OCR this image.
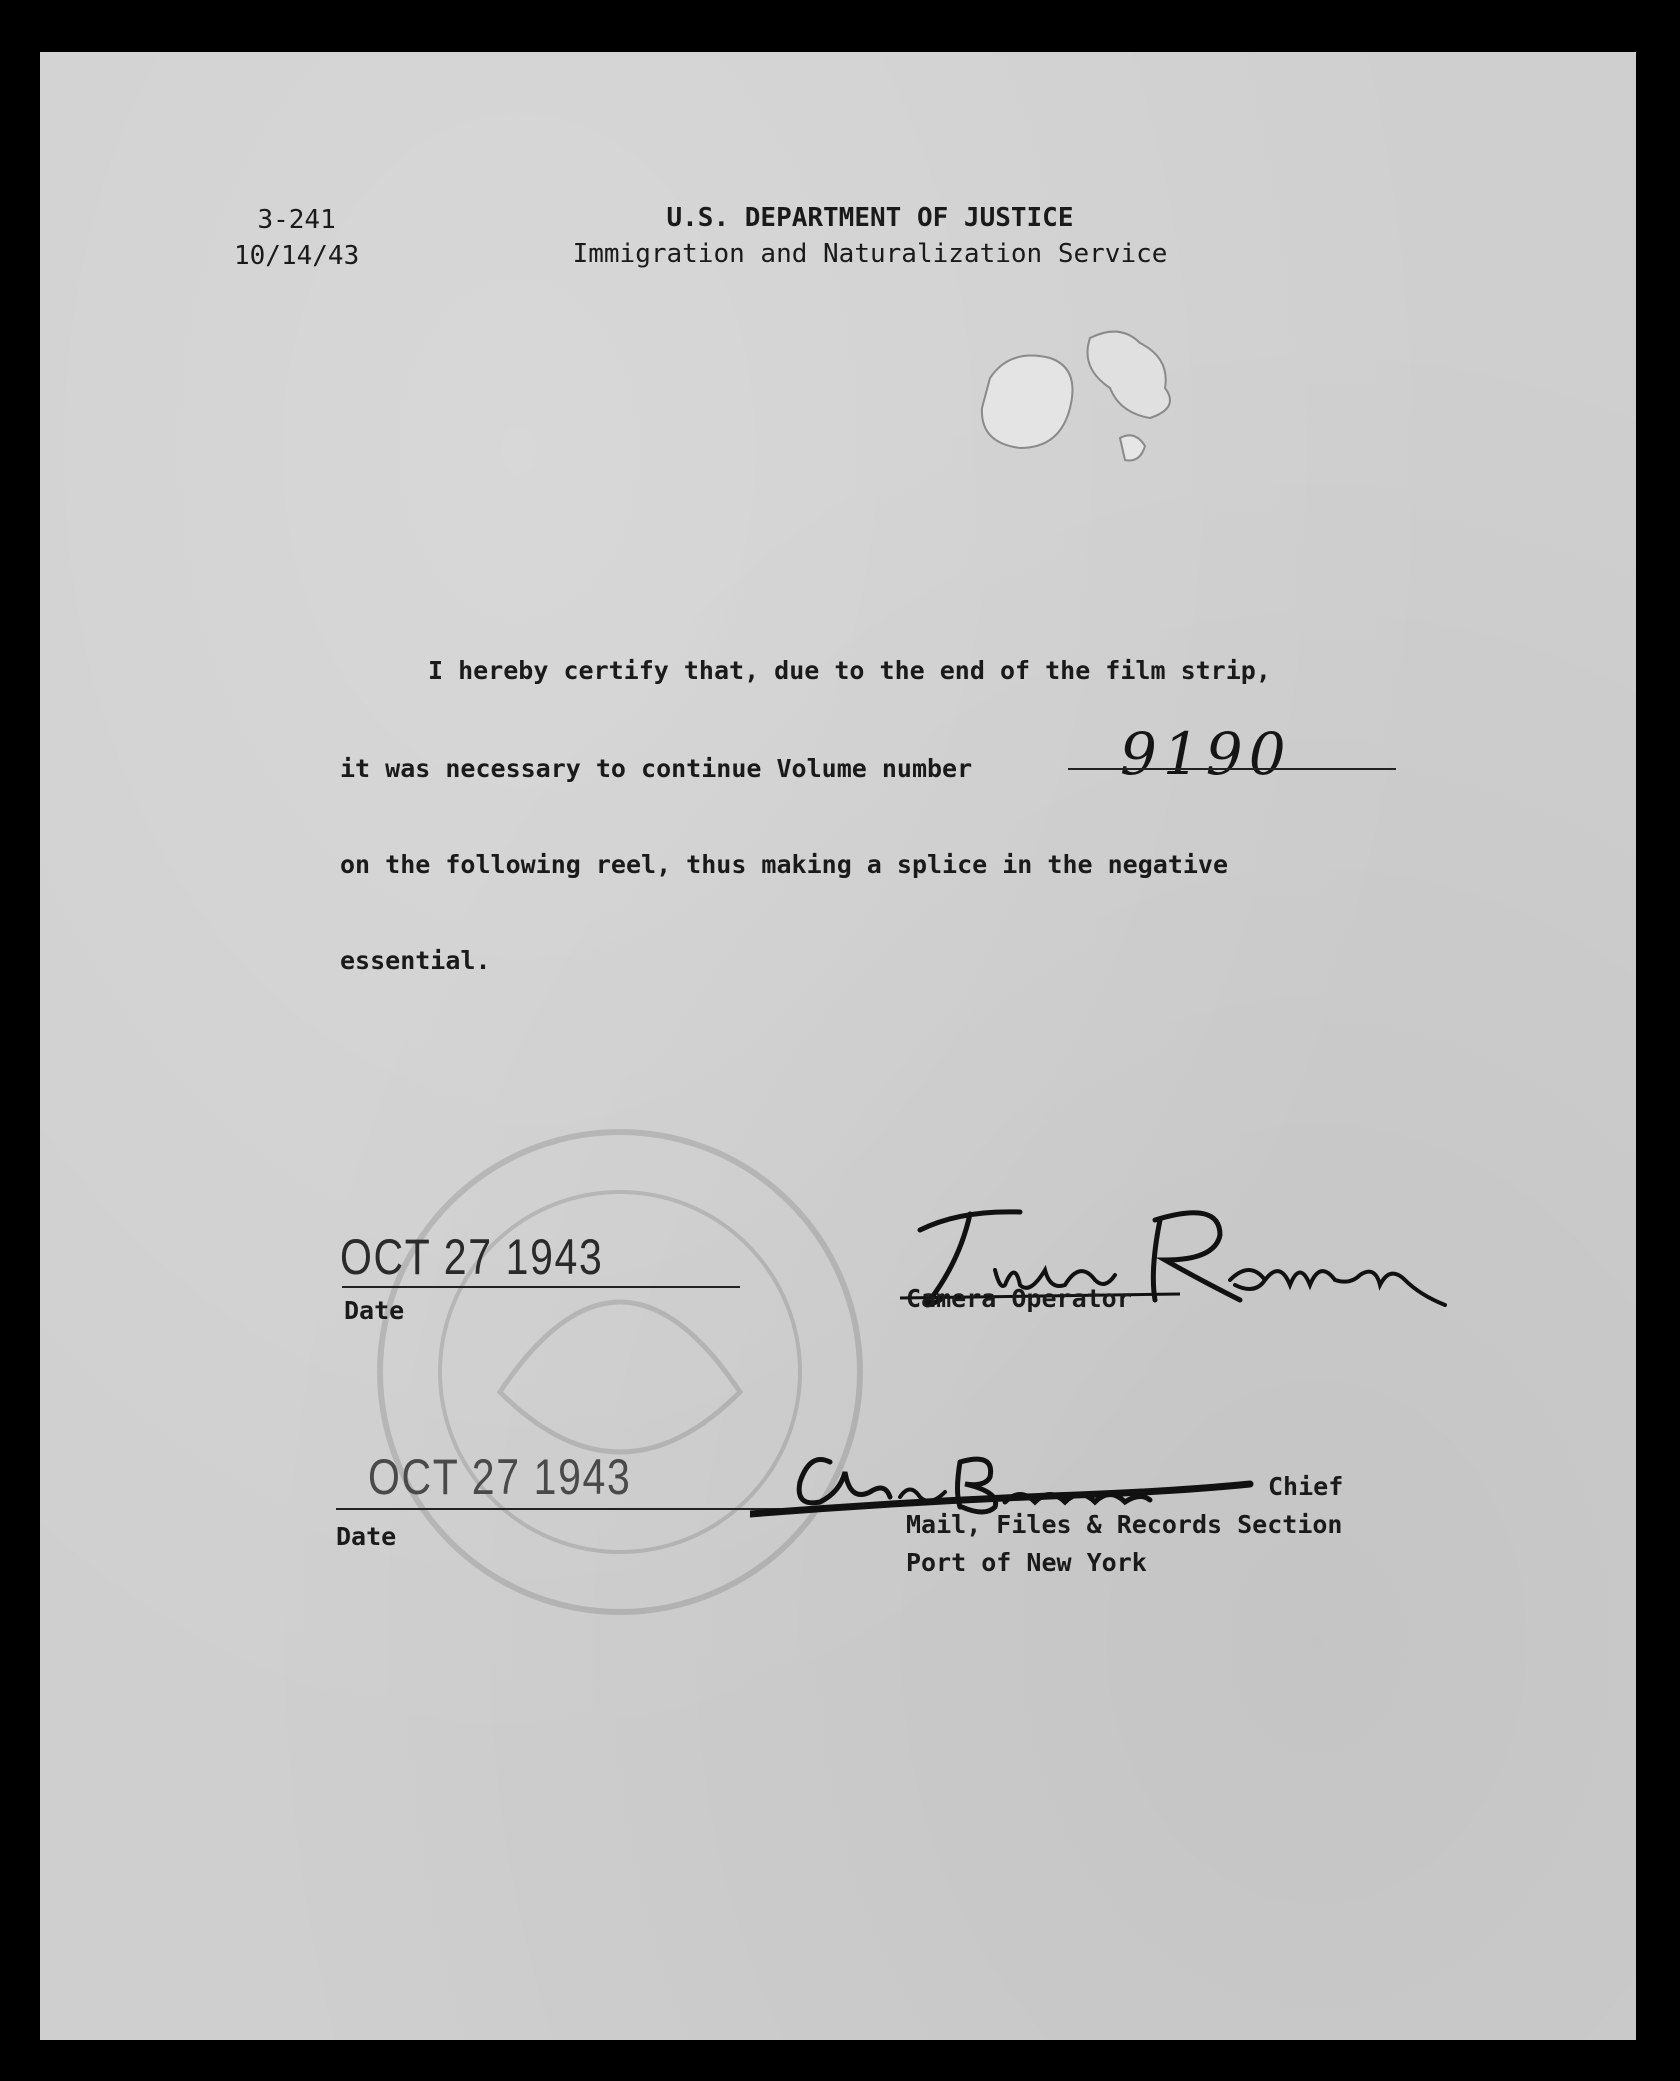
3-241
10/14/43
U.S. DEPARTMENT OF JUSTICE
Immigration and Naturalization Service
I hereby certify that, due to the end of the film strip,
it was necessary to continue Volume number	9190
on the following reel, thus making a splice in the negative
essential.
OCT 27 1943
Date	Camera Operator
OCT 27 1943
Date
Chief
Mail, Files & Records Section
Port of New York
